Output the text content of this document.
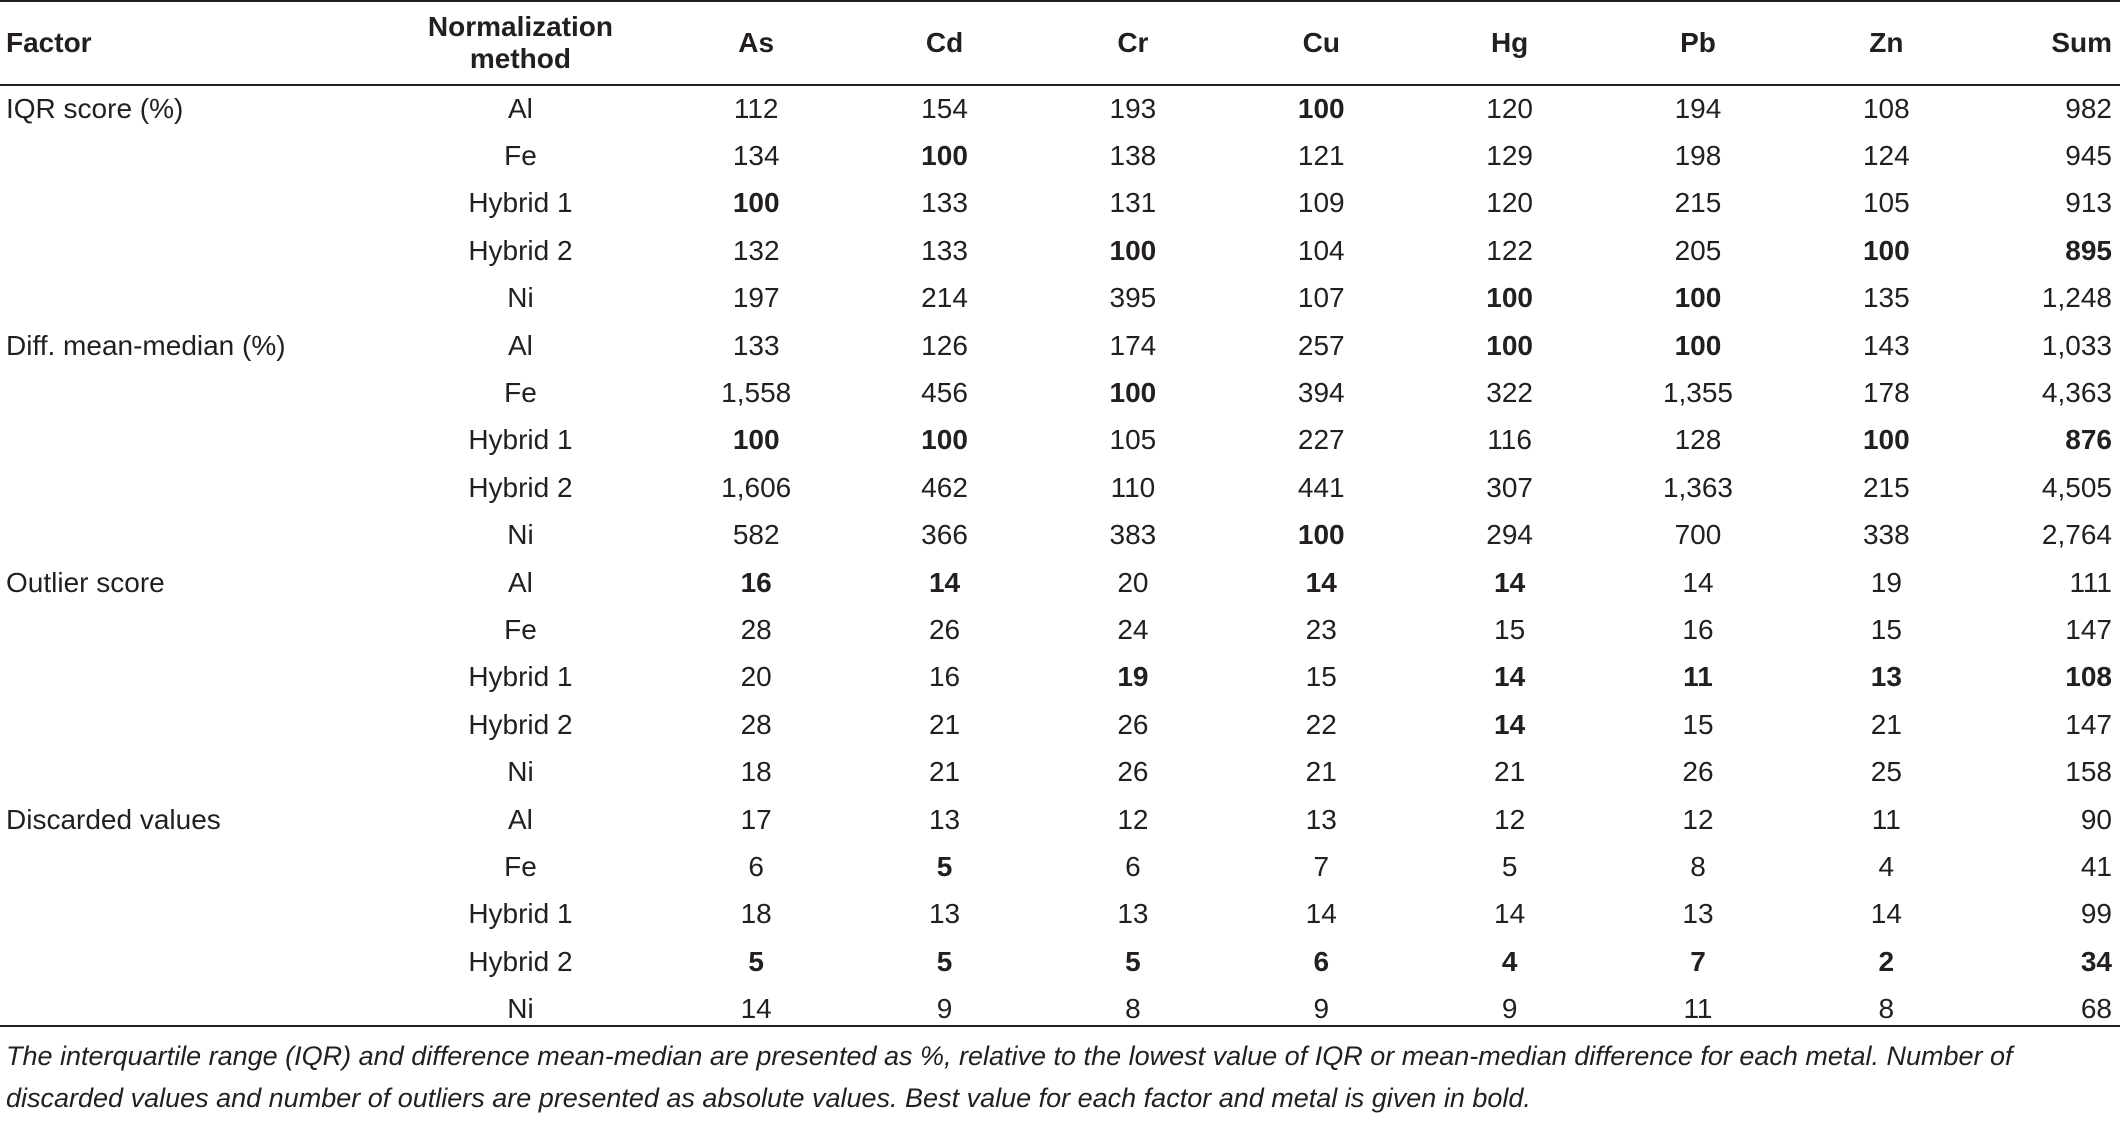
Factor	Normalization method	As	Cd	Cr	Cu	Hg	Pb	Zn	Sum
IQR score (%)	Al	112	154	193	100	120	194	108	982
	Fe	134	100	138	121	129	198	124	945
	Hybrid 1	100	133	131	109	120	215	105	913
	Hybrid 2	132	133	100	104	122	205	100	895
	Ni	197	214	395	107	100	100	135	1,248
Diff. mean-median (%)	Al	133	126	174	257	100	100	143	1,033
	Fe	1,558	456	100	394	322	1,355	178	4,363
	Hybrid 1	100	100	105	227	116	128	100	876
	Hybrid 2	1,606	462	110	441	307	1,363	215	4,505
	Ni	582	366	383	100	294	700	338	2,764
Outlier score	Al	16	14	20	14	14	14	19	111
	Fe	28	26	24	23	15	16	15	147
	Hybrid 1	20	16	19	15	14	11	13	108
	Hybrid 2	28	21	26	22	14	15	21	147
	Ni	18	21	26	21	21	26	25	158
Discarded values	Al	17	13	12	13	12	12	11	90
	Fe	6	5	6	7	5	8	4	41
	Hybrid 1	18	13	13	14	14	13	14	99
	Hybrid 2	5	5	5	6	4	7	2	34
	Ni	14	9	8	9	9	11	8	68

The interquartile range (IQR) and difference mean-median are presented as %, relative to the lowest value of IQR or mean-median difference for each metal. Number of discarded values and number of outliers are presented as absolute values. Best value for each factor and metal is given in bold.
